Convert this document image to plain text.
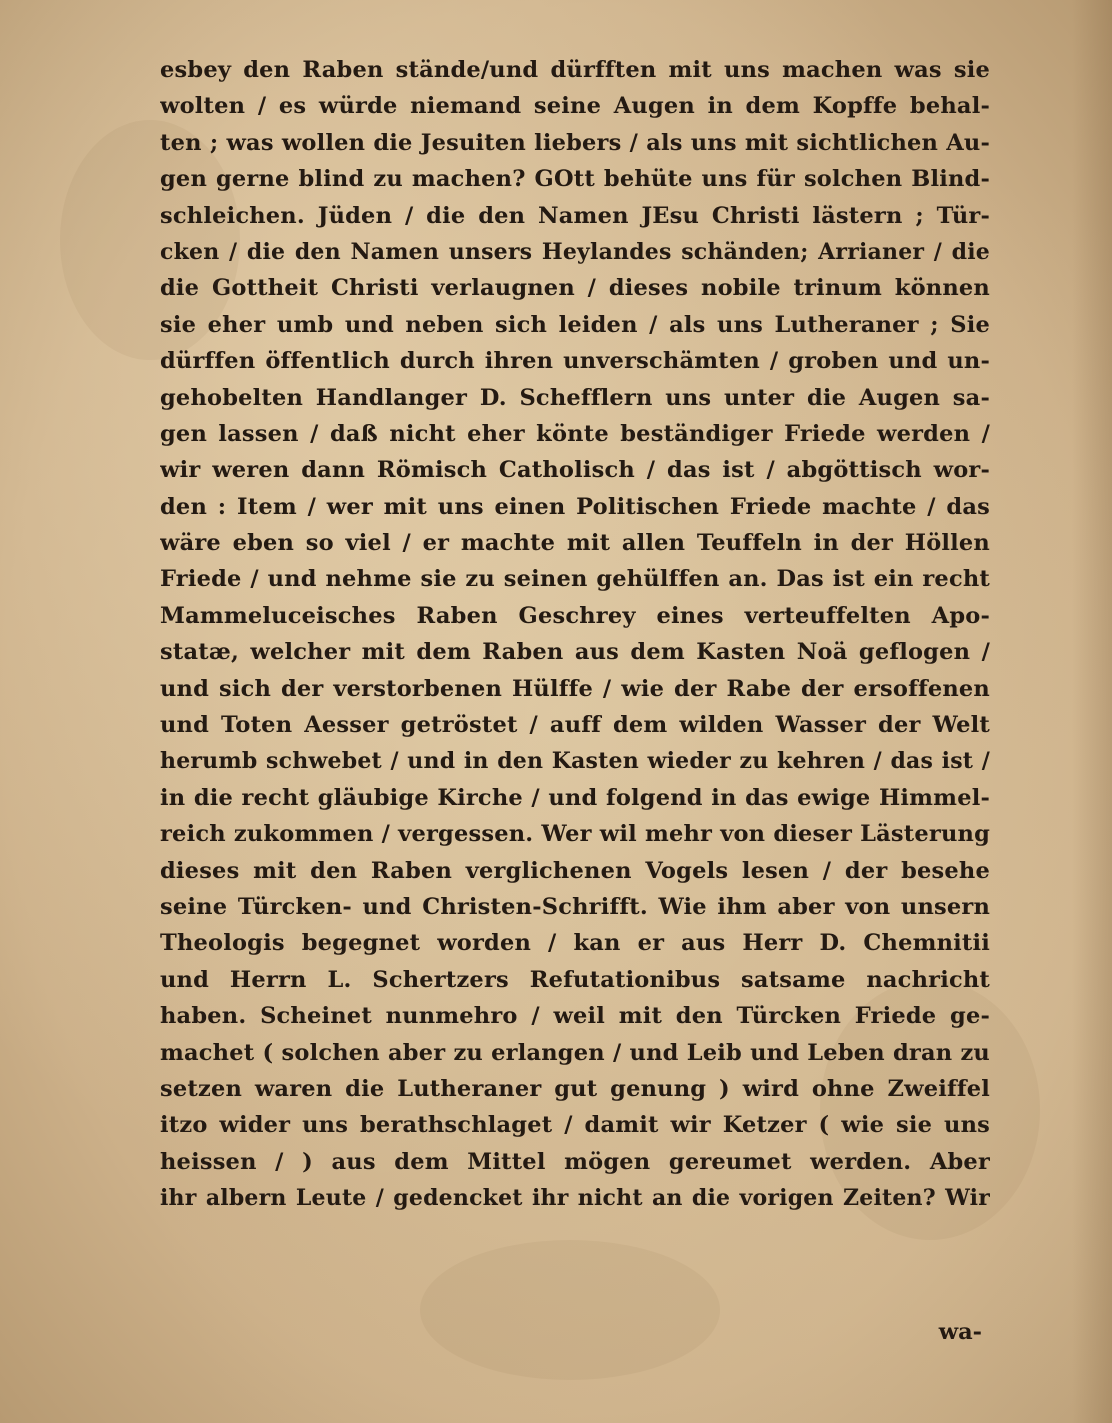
esbey den Raben stände/und dürfften mit uns machen was sie
wolten / es würde niemand seine Augen in dem Kopffe behal-
ten ; was wollen die Jesuiten liebers / als uns mit sichtlichen Au-
gen gerne blind zu machen? GOtt behüte uns für solchen Blind-
schleichen. Jüden / die den Namen JEsu Christi lästern ; Tür-
cken / die den Namen unsers Heylandes schänden; Arrianer / die
die Gottheit Christi verlaugnen / dieses nobile trinum können
sie eher umb und neben sich leiden / als uns Lutheraner ; Sie
dürffen öffentlich durch ihren unverschämten / groben und un-
gehobelten Handlanger D. Schefflern uns unter die Augen sa-
gen lassen / daß nicht eher könte beständiger Friede werden /
wir weren dann Römisch Catholisch / das ist / abgöttisch wor-
den : Item / wer mit uns einen Politischen Friede machte / das
wäre eben so viel / er machte mit allen Teuffeln in der Höllen
Friede / und nehme sie zu seinen gehülffen an. Das ist ein recht
Mammeluceisches Raben Geschrey eines verteuffelten Apo-
statæ, welcher mit dem Raben aus dem Kasten Noä geflogen /
und sich der verstorbenen Hülffe / wie der Rabe der ersoffenen
und Toten Aesser getröstet / auff dem wilden Wasser der Welt
herumb schwebet / und in den Kasten wieder zu kehren / das ist /
in die recht gläubige Kirche / und folgend in das ewige Himmel-
reich zukommen / vergessen. Wer wil mehr von dieser Lästerung
dieses mit den Raben verglichenen Vogels lesen / der besehe
seine Türcken- und Christen-Schrifft. Wie ihm aber von unsern
Theologis begegnet worden / kan er aus Herr D. Chemnitii
und Herrn L. Schertzers Refutationibus satsame nachricht
haben. Scheinet nunmehro / weil mit den Türcken Friede ge-
machet ( solchen aber zu erlangen / und Leib und Leben dran zu
setzen waren die Lutheraner gut genung ) wird ohne Zweiffel
itzo wider uns berathschlaget / damit wir Ketzer ( wie sie uns
heissen / ) aus dem Mittel mögen gereumet werden. Aber
ihr albern Leute / gedencket ihr nicht an die vorigen Zeiten? Wir
wa-
